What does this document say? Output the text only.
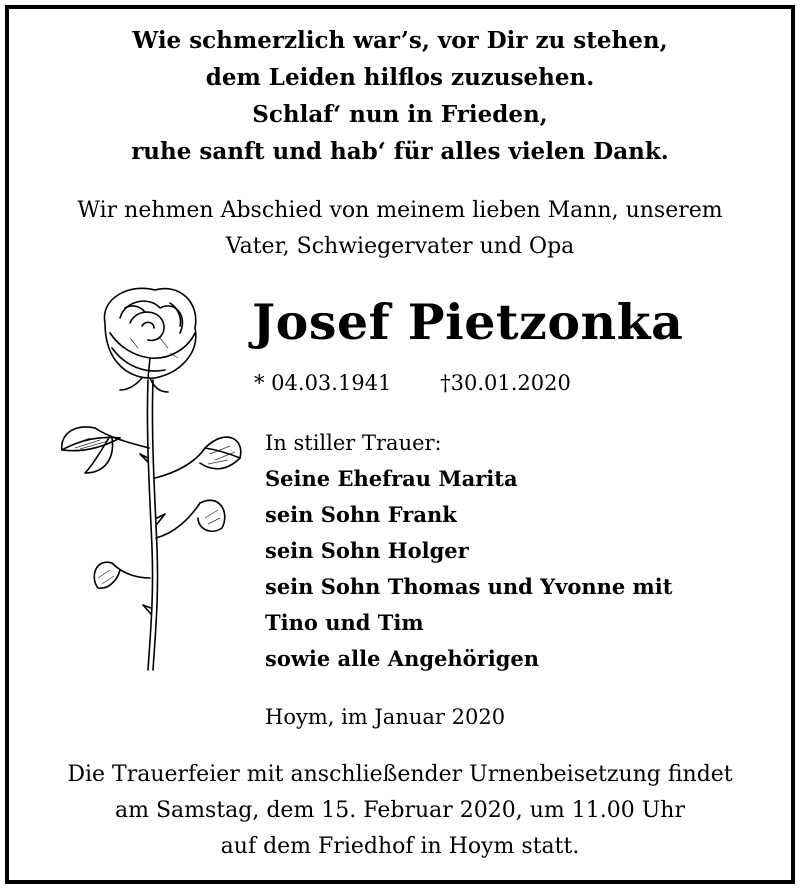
Wie schmerzlich war’s, vor Dir zu stehen,
dem Leiden hilflos zuzusehen.
Schlaf‘ nun in Frieden,
ruhe sanft und hab‘ für alles vielen Dank.
Wir nehmen Abschied von meinem lieben Mann, unserem
Vater, Schwiegervater und Opa
Josef Pietzonka
* 04.03.1941 †30.01.2020
In stiller Trauer:
Seine Ehefrau Marita
sein Sohn Frank
sein Sohn Holger
sein Sohn Thomas und Yvonne mit
Tino und Tim
sowie alle Angehörigen
Hoym, im Januar 2020
Die Trauerfeier mit anschließender Urnenbeisetzung findet
am Samstag, dem 15. Februar 2020, um 11.00 Uhr
auf dem Friedhof in Hoym statt.
